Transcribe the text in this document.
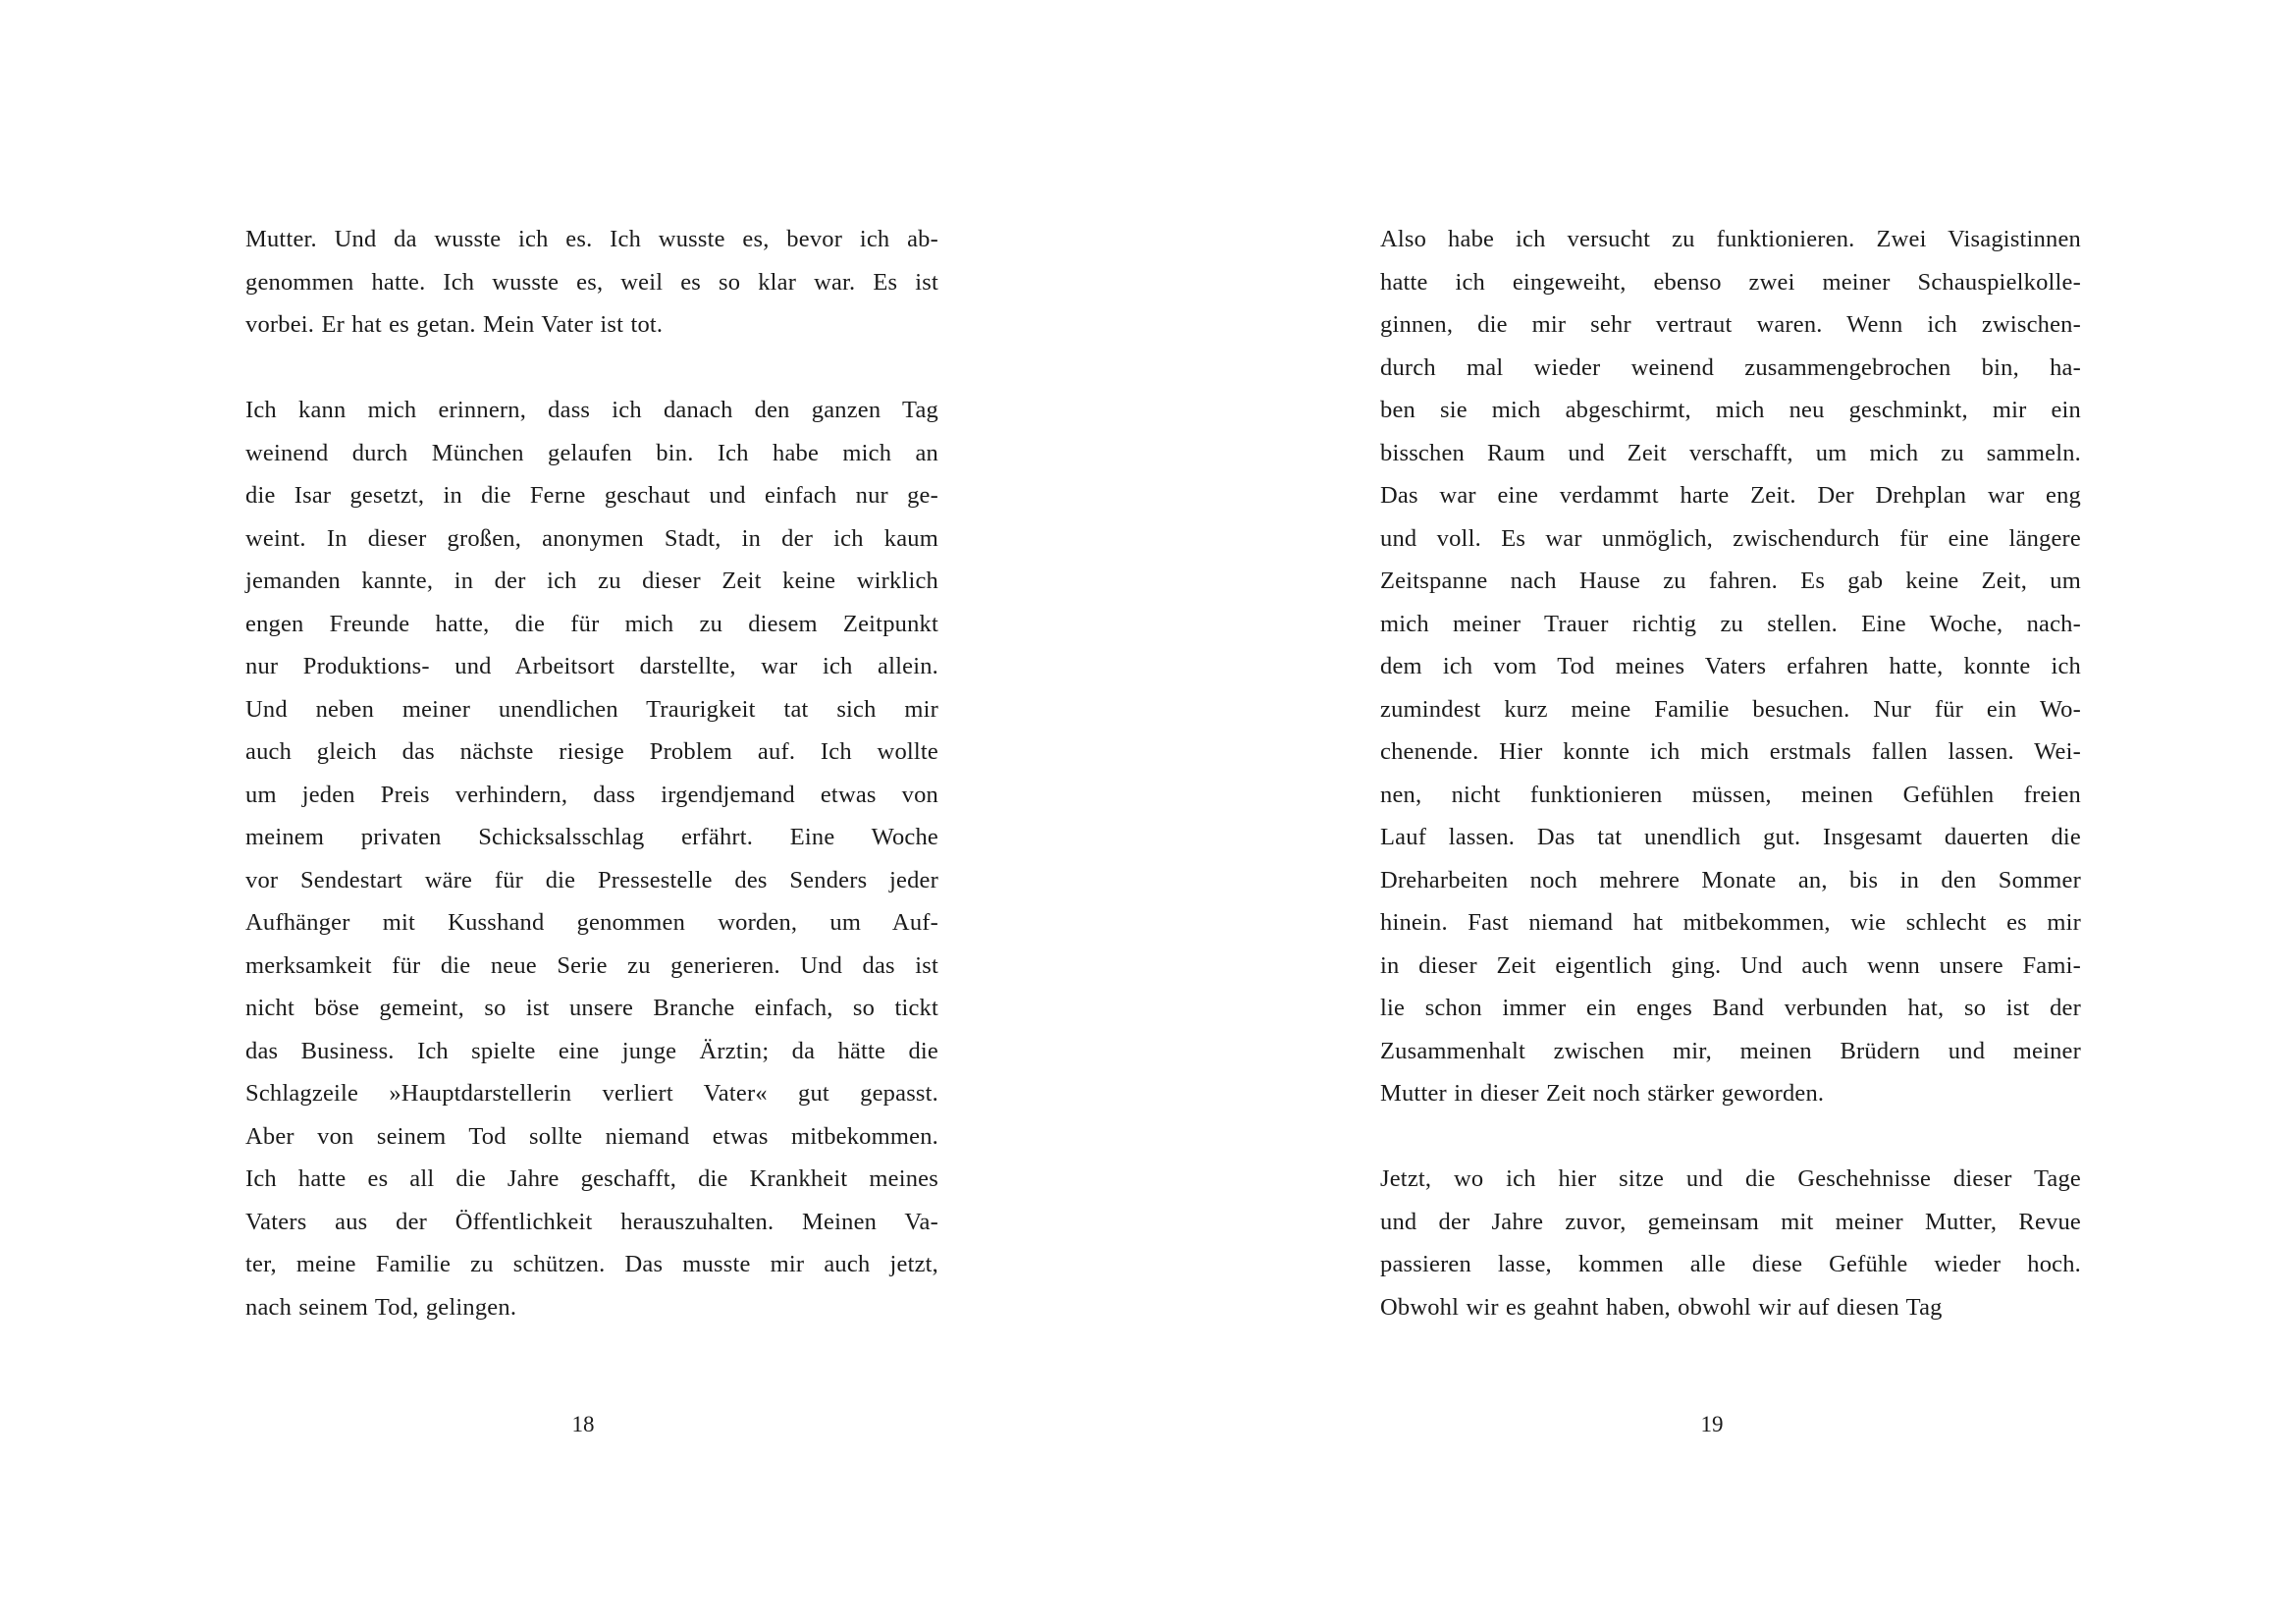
Mutter. Und da wusste ich es. Ich wusste es, bevor ich ab-
genommen hatte. Ich wusste es, weil es so klar war. Es ist
vorbei. Er hat es getan. Mein Vater ist tot.

Ich kann mich erinnern, dass ich danach den ganzen Tag
weinend durch München gelaufen bin. Ich habe mich an
die Isar gesetzt, in die Ferne geschaut und einfach nur ge-
weint. In dieser großen, anonymen Stadt, in der ich kaum
jemanden kannte, in der ich zu dieser Zeit keine wirklich
engen Freunde hatte, die für mich zu diesem Zeitpunkt
nur Produktions- und Arbeitsort darstellte, war ich allein.
Und neben meiner unendlichen Traurigkeit tat sich mir
auch gleich das nächste riesige Problem auf. Ich wollte
um jeden Preis verhindern, dass irgendjemand etwas von
meinem privaten Schicksalsschlag erfährt. Eine Woche
vor Sendestart wäre für die Pressestelle des Senders jeder
Aufhänger mit Kusshand genommen worden, um Auf-
merksamkeit für die neue Serie zu generieren. Und das ist
nicht böse gemeint, so ist unsere Branche einfach, so tickt
das Business. Ich spielte eine junge Ärztin; da hätte die
Schlagzeile »Hauptdarstellerin verliert Vater« gut gepasst.
Aber von seinem Tod sollte niemand etwas mitbekommen.
Ich hatte es all die Jahre geschafft, die Krankheit meines
Vaters aus der Öffentlichkeit herauszuhalten. Meinen Va-
ter, meine Familie zu schützen. Das musste mir auch jetzt,
nach seinem Tod, gelingen.

Also habe ich versucht zu funktionieren. Zwei Visagistinnen
hatte ich eingeweiht, ebenso zwei meiner Schauspielkolle-
ginnen, die mir sehr vertraut waren. Wenn ich zwischen-
durch mal wieder weinend zusammengebrochen bin, ha-
ben sie mich abgeschirmt, mich neu geschminkt, mir ein
bisschen Raum und Zeit verschafft, um mich zu sammeln.
Das war eine verdammt harte Zeit. Der Drehplan war eng
und voll. Es war unmöglich, zwischendurch für eine längere
Zeitspanne nach Hause zu fahren. Es gab keine Zeit, um
mich meiner Trauer richtig zu stellen. Eine Woche, nach-
dem ich vom Tod meines Vaters erfahren hatte, konnte ich
zumindest kurz meine Familie besuchen. Nur für ein Wo-
chenende. Hier konnte ich mich erstmals fallen lassen. Wei-
nen, nicht funktionieren müssen, meinen Gefühlen freien
Lauf lassen. Das tat unendlich gut. Insgesamt dauerten die
Dreharbeiten noch mehrere Monate an, bis in den Sommer
hinein. Fast niemand hat mitbekommen, wie schlecht es mir
in dieser Zeit eigentlich ging. Und auch wenn unsere Fami-
lie schon immer ein enges Band verbunden hat, so ist der
Zusammenhalt zwischen mir, meinen Brüdern und meiner
Mutter in dieser Zeit noch stärker geworden.

Jetzt, wo ich hier sitze und die Geschehnisse dieser Tage
und der Jahre zuvor, gemeinsam mit meiner Mutter, Revue
passieren lasse, kommen alle diese Gefühle wieder hoch.
Obwohl wir es geahnt haben, obwohl wir auf diesen Tag

18	19
